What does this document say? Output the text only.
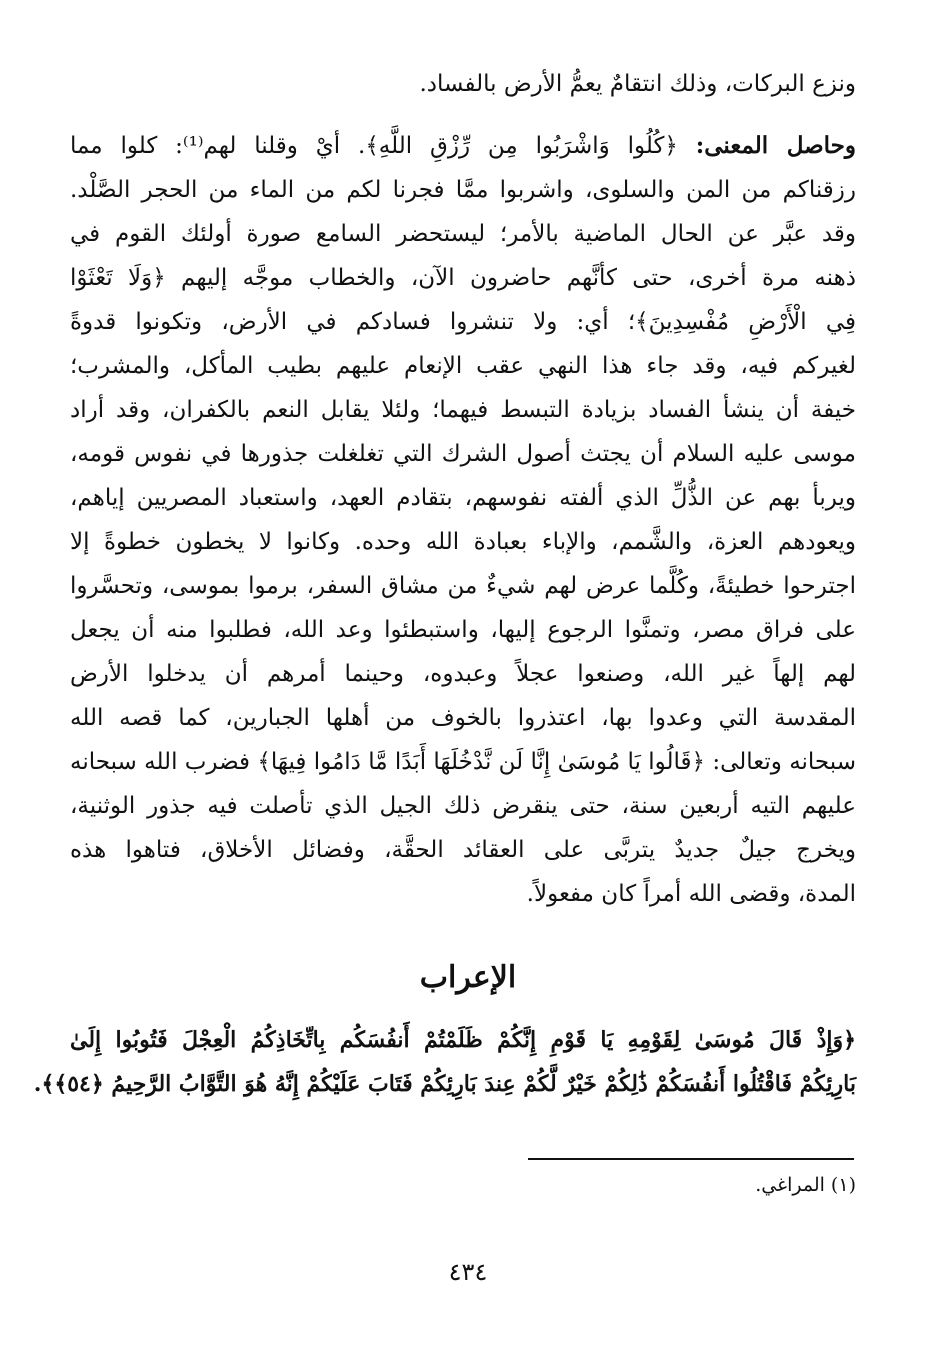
ونزع البركات، وذلك انتقامٌ يعمُّ الأرض بالفساد.
وحاصل المعنى: ﴿كُلُوا وَاشْرَبُوا مِن رِّزْقِ اللَّهِ﴾. أيْ وقلنا لهم⁽¹⁾: كلوا مما
رزقناكم من المن والسلوى، واشربوا ممَّا فجرنا لكم من الماء من الحجر الصَّلْد.
وقد عبَّر عن الحال الماضية بالأمر؛ ليستحضر السامع صورة أولئك القوم في
ذهنه مرة أخرى، حتى كأنَّهم حاضرون الآن، والخطاب موجَّه إليهم ﴿وَلَا تَعْثَوْا
فِي الْأَرْضِ مُفْسِدِينَ﴾؛ أي: ولا تنشروا فسادكم في الأرض، وتكونوا قدوةً
لغيركم فيه، وقد جاء هذا النهي عقب الإنعام عليهم بطيب المأكل، والمشرب؛
خيفة أن ينشأ الفساد بزيادة التبسط فيهما؛ ولئلا يقابل النعم بالكفران، وقد أراد
موسى عليه السلام أن يجتث أصول الشرك التي تغلغلت جذورها في نفوس قومه،
ويربأ بهم عن الذُّلِّ الذي ألفته نفوسهم، بتقادم العهد، واستعباد المصريين إياهم،
ويعودهم العزة، والشَّمم، والإباء بعبادة الله وحده. وكانوا لا يخطون خطوةً إلا
اجترحوا خطيئةً، وكُلَّما عرض لهم شيءٌ من مشاق السفر، برموا بموسى، وتحسَّروا
على فراق مصر، وتمنَّوا الرجوع إليها، واستبطئوا وعد الله، فطلبوا منه أن يجعل
لهم إلهاً غير الله، وصنعوا عجلاً وعبدوه، وحينما أمرهم أن يدخلوا الأرض
المقدسة التي وعدوا بها، اعتذروا بالخوف من أهلها الجبارين، كما قصه الله
سبحانه وتعالى: ﴿قَالُوا يَا مُوسَىٰ إِنَّا لَن نَّدْخُلَهَا أَبَدًا مَّا دَامُوا فِيهَا﴾ فضرب الله سبحانه
عليهم التيه أربعين سنة، حتى ينقرض ذلك الجيل الذي تأصلت فيه جذور الوثنية،
ويخرج جيلٌ جديدٌ يتربَّى على العقائد الحقَّة، وفضائل الأخلاق، فتاهوا هذه
المدة، وقضى الله أمراً كان مفعولاً.
الإعراب
﴿وَإِذْ قَالَ مُوسَىٰ لِقَوْمِهِ يَا قَوْمِ إِنَّكُمْ ظَلَمْتُمْ أَنفُسَكُم بِاتِّخَاذِكُمُ الْعِجْلَ فَتُوبُوا إِلَىٰ
بَارِئِكُمْ فَاقْتُلُوا أَنفُسَكُمْ ذَٰلِكُمْ خَيْرٌ لَّكُمْ عِندَ بَارِئِكُمْ فَتَابَ عَلَيْكُمْ إِنَّهُ هُوَ التَّوَّابُ الرَّحِيمُ ﴿٥٤﴾﴾.
(١) المراغي.
٤٣٤
